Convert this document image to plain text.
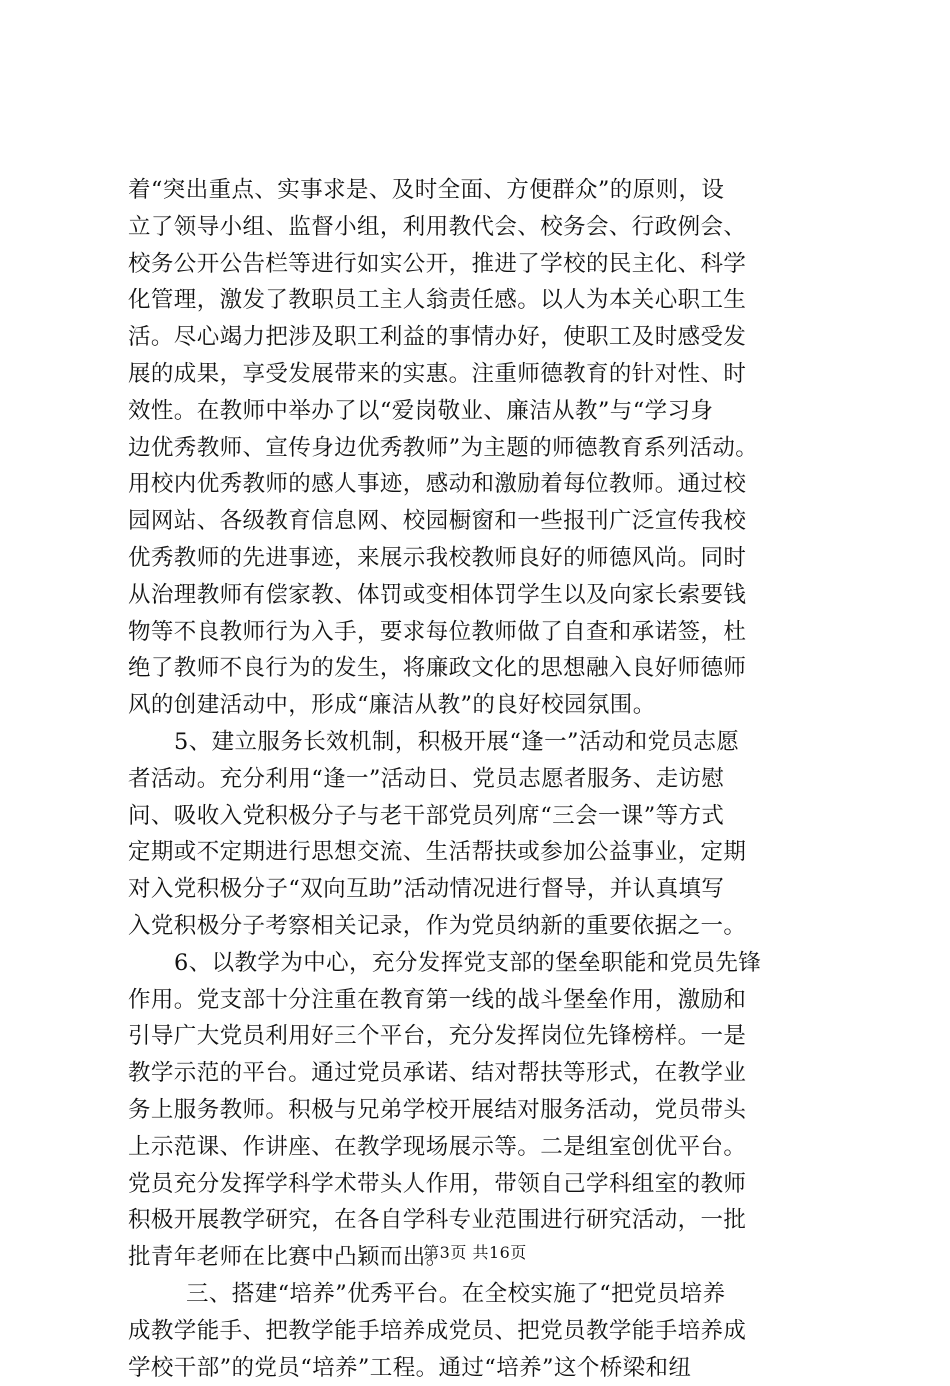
着“突出重点、实事求是、及时全面、方便群众”的原则，设
立了领导小组、监督小组，利用教代会、校务会、行政例会、
校务公开公告栏等进行如实公开，推进了学校的民主化、科学
化管理，激发了教职员工主人翁责任感。以人为本关心职工生
活。尽心竭力把涉及职工利益的事情办好，使职工及时感受发
展的成果，享受发展带来的实惠。注重师德教育的针对性、时
效性。在教师中举办了以“爱岗敬业、廉洁从教”与“学习身
边优秀教师、宣传身边优秀教师”为主题的师德教育系列活动。
用校内优秀教师的感人事迹，感动和激励着每位教师。通过校
园网站、各级教育信息网、校园橱窗和一些报刊广泛宣传我校
优秀教师的先进事迹，来展示我校教师良好的师德风尚。同时
从治理教师有偿家教、体罚或变相体罚学生以及向家长索要钱
物等不良教师行为入手，要求每位教师做了自查和承诺签，杜
绝了教师不良行为的发生，将廉政文化的思想融入良好师德师
风的创建活动中，形成“廉洁从教”的良好校园氛围。
5、建立服务长效机制，积极开展“逢一”活动和党员志愿
者活动。充分利用“逢一”活动日、党员志愿者服务、走访慰
问、吸收入党积极分子与老干部党员列席“三会一课”等方式
定期或不定期进行思想交流、生活帮扶或参加公益事业，定期
对入党积极分子“双向互助”活动情况进行督导，并认真填写
入党积极分子考察相关记录，作为党员纳新的重要依据之一。
6、以教学为中心，充分发挥党支部的堡垒职能和党员先锋
作用。党支部十分注重在教育第一线的战斗堡垒作用，激励和
引导广大党员利用好三个平台，充分发挥岗位先锋榜样。一是
教学示范的平台。通过党员承诺、结对帮扶等形式，在教学业
务上服务教师。积极与兄弟学校开展结对服务活动，党员带头
上示范课、作讲座、在教学现场展示等。二是组室创优平台。
党员充分发挥学科学术带头人作用，带领自己学科组室的教师
积极开展教学研究，在各自学科专业范围进行研究活动，一批
批青年老师在比赛中凸颖而出。
三、搭建“培养”优秀平台。在全校实施了“把党员培养
成教学能手、把教学能手培养成党员、把党员教学能手培养成
学校干部”的党员“培养”工程。通过“培养”这个桥梁和纽
第3页 共16页
